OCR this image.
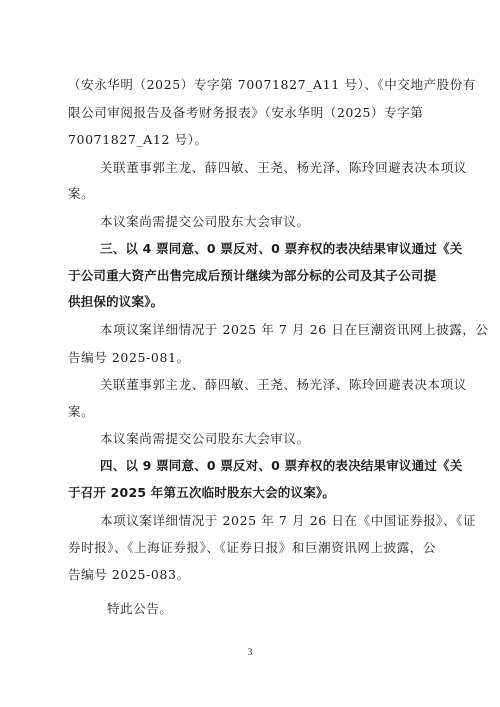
（安永华明（2025）专字第 70071827_A11 号）、《中交地产股份有
限公司审阅报告及备考财务报表》（安永华明（2025）专字第
70071827_A12 号）。
关联董事郭主龙、薛四敏、王尧、杨光泽、陈玲回避表决本项议
案。
本议案尚需提交公司股东大会审议。
三、以 4 票同意、0 票反对、0 票弃权的表决结果审议通过《关
于公司重大资产出售完成后预计继续为部分标的公司及其子公司提
供担保的议案》。
本项议案详细情况于 2025 年 7 月 26 日在巨潮资讯网上披露，公
告编号 2025-081。
关联董事郭主龙、薛四敏、王尧、杨光泽、陈玲回避表决本项议
案。
本议案尚需提交公司股东大会审议。
四、以 9 票同意、0 票反对、0 票弃权的表决结果审议通过《关
于召开 2025 年第五次临时股东大会的议案》。
本项议案详细情况于 2025 年 7 月 26 日在《中国证券报》、《证
券时报》、《上海证券报》、《证券日报》和巨潮资讯网上披露，公
告编号 2025-083。
特此公告。
3
